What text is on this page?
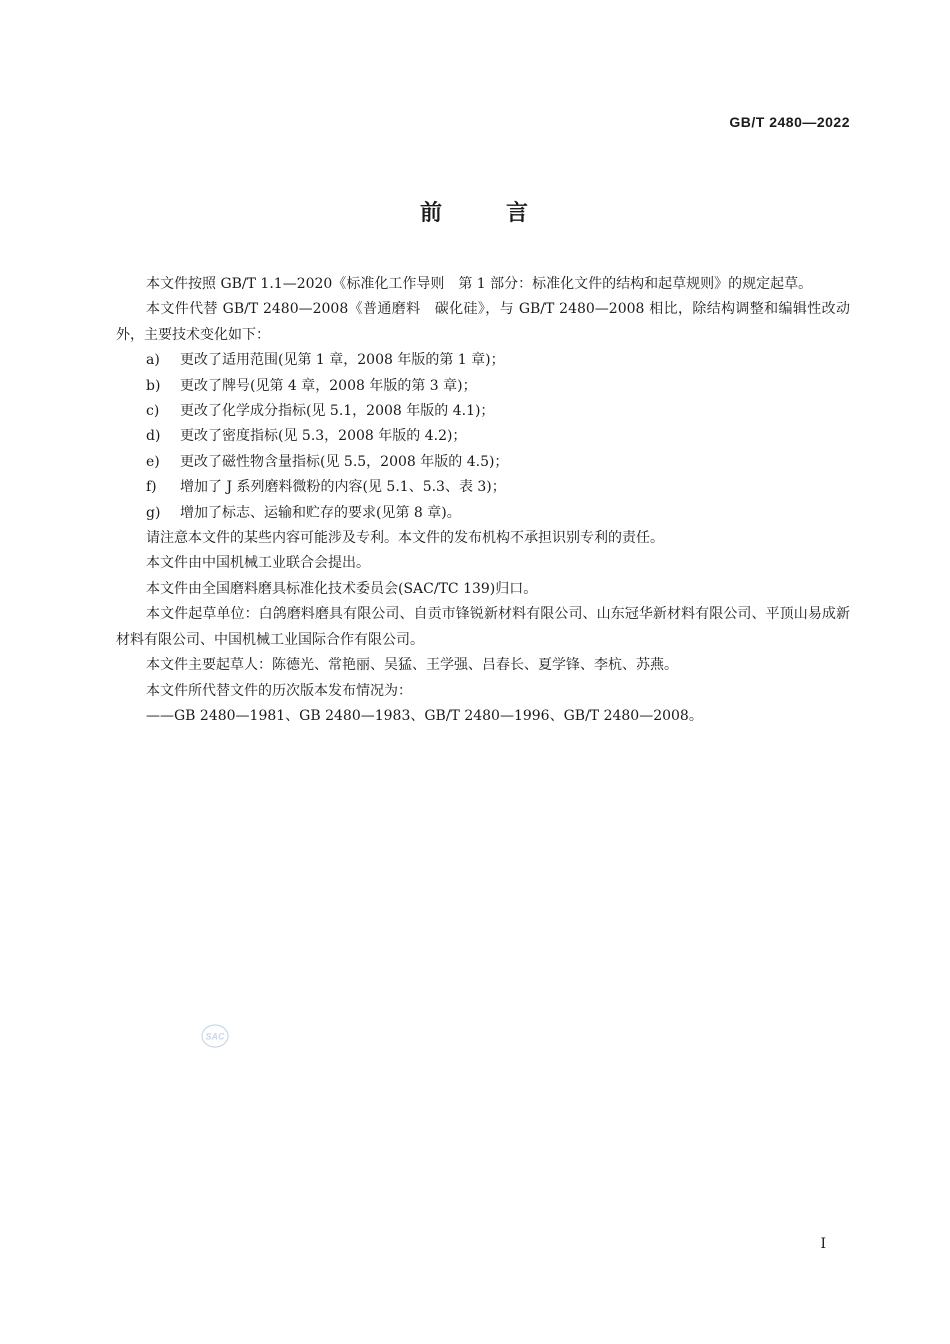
GB/T 2480—2022
前	言

本文件按照 GB/T 1.1—2020《标准化工作导则　第 1 部分：标准化文件的结构和起草规则》的规定起草。

本文件代替 GB/T 2480—2008《普通磨料　碳化硅》，与 GB/T 2480—2008 相比，除结构调整和编辑性改动外，主要技术变化如下：

a) 更改了适用范围(见第 1 章，2008 年版的第 1 章)；
b) 更改了牌号(见第 4 章，2008 年版的第 3 章)；
c) 更改了化学成分指标(见 5.1，2008 年版的 4.1)；
d) 更改了密度指标(见 5.3，2008 年版的 4.2)；
e) 更改了磁性物含量指标(见 5.5，2008 年版的 4.5)；
f) 增加了 J 系列磨料微粉的内容(见 5.1、5.3、表 3)；
g) 增加了标志、运输和贮存的要求(见第 8 章)。

请注意本文件的某些内容可能涉及专利。本文件的发布机构不承担识别专利的责任。

本文件由中国机械工业联合会提出。

本文件由全国磨料磨具标准化技术委员会(SAC/TC 139)归口。

本文件起草单位：白鸽磨料磨具有限公司、自贡市锋锐新材料有限公司、山东冠华新材料有限公司、平顶山易成新材料有限公司、中国机械工业国际合作有限公司。

本文件主要起草人：陈德光、常艳丽、吴猛、王学强、吕春长、夏学锋、李杭、苏燕。

本文件所代替文件的历次版本发布情况为：

——GB 2480—1981、GB 2480—1983、GB/T 2480—1996、GB/T 2480—2008。

SAC
I
